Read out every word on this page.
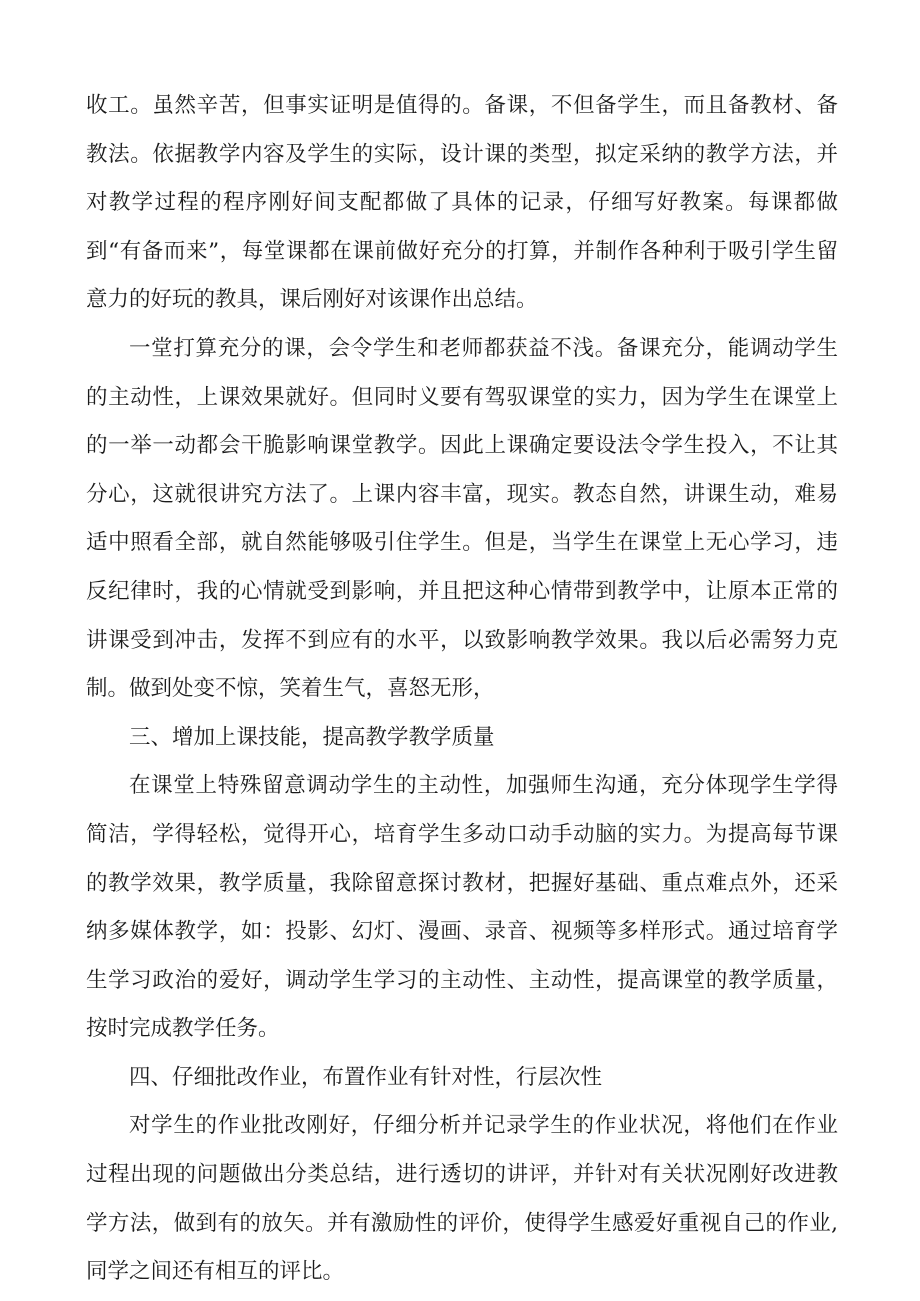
收工。虽然辛苦，但事实证明是值得的。备课，不但备学生，而且备教材、备教法。依据教学内容及学生的实际，设计课的类型，拟定采纳的教学方法，并对教学过程的程序刚好间支配都做了具体的记录，仔细写好教案。每课都做到“有备而来”，每堂课都在课前做好充分的打算，并制作各种利于吸引学生留意力的好玩的教具，课后刚好对该课作出总结。

一堂打算充分的课，会令学生和老师都获益不浅。备课充分，能调动学生的主动性，上课效果就好。但同时义要有驾驭课堂的实力，因为学生在课堂上的一举一动都会干脆影响课堂教学。因此上课确定要设法令学生投入，不让其分心，这就很讲究方法了。上课内容丰富，现实。教态自然，讲课生动，难易适中照看全部，就自然能够吸引住学生。但是，当学生在课堂上无心学习，违反纪律时，我的心情就受到影响，并且把这种心情带到教学中，让原本正常的讲课受到冲击，发挥不到应有的水平，以致影响教学效果。我以后必需努力克制。做到处变不惊，笑着生气，喜怒无形，

三、增加上课技能，提高教学教学质量

在课堂上特殊留意调动学生的主动性，加强师生沟通，充分体现学生学得简洁，学得轻松，觉得开心，培育学生多动口动手动脑的实力。为提高每节课的教学效果，教学质量，我除留意探讨教材，把握好基础、重点难点外，还采纳多媒体教学，如：投影、幻灯、漫画、录音、视频等多样形式。通过培育学生学习政治的爱好，调动学生学习的主动性、主动性，提高课堂的教学质量，按时完成教学任务。

四、仔细批改作业，布置作业有针对性，行层次性

对学生的作业批改刚好，仔细分析并记录学生的作业状况，将他们在作业过程出现的问题做出分类总结，进行透切的讲评，并针对有关状况刚好改进教学方法，做到有的放矢。并有激励性的评价，使得学生感爱好重视自己的作业,同学之间还有相互的评比。
